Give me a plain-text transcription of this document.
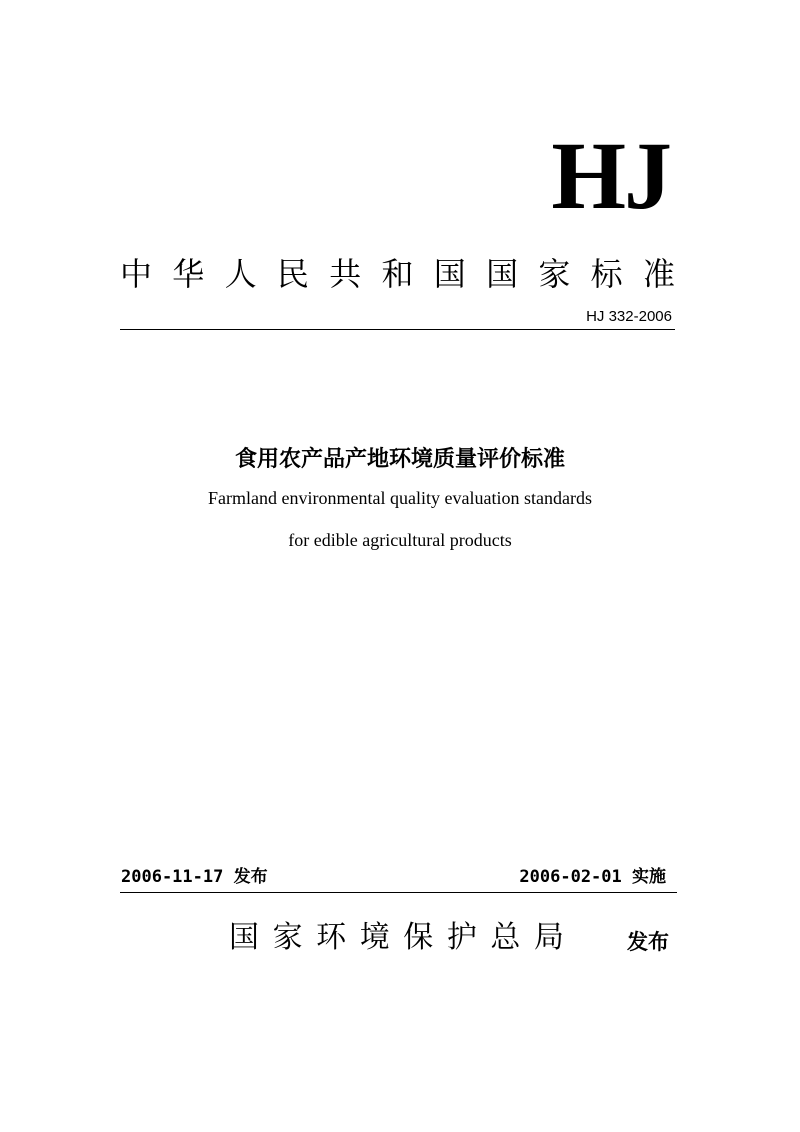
HJ
中 华 人 民 共 和 国 国 家 标 准
HJ 332-2006
食用农产品产地环境质量评价标准
Farmland environmental quality evaluation standards
for edible agricultural products
2006-11-17 发布	2006-02-01 实施
国 家 环 境 保 护 总 局	发布
